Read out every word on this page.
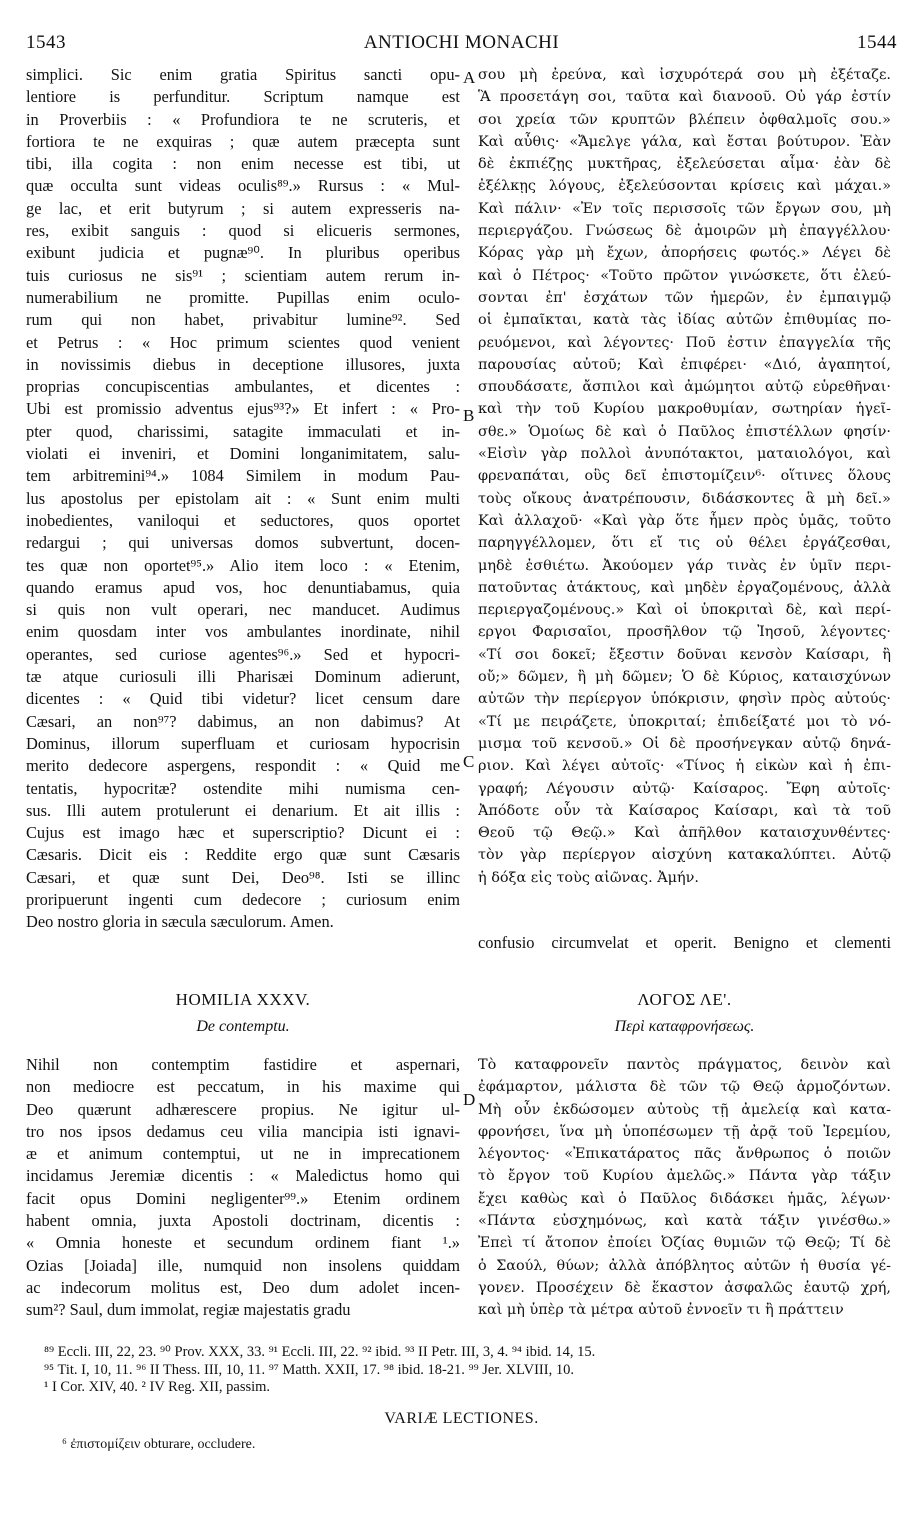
1543	ANTIOCHI MONACHI	1544
simplici. Sic enim gratia Spiritus sancti opu-
lentiore is perfunditur. Scriptum namque est
in Proverbiis : « Profundiora te ne scruteris, et
fortiora te ne exquiras ; quæ autem præcepta sunt
tibi, illa cogita : non enim necesse est tibi, ut
quæ occulta sunt videas oculis⁸⁹.» Rursus : « Mul-
ge lac, et erit butyrum ; si autem expresseris na-
res, exibit sanguis : quod si elicueris sermones,
exibunt judicia et pugnæ⁹⁰. In pluribus operibus
tuis curiosus ne sis⁹¹ ; scientiam autem rerum in-
numerabilium ne promitte. Pupillas enim oculo-
rum qui non habet, privabitur lumine⁹². Sed
et Petrus : « Hoc primum scientes quod venient
in novissimis diebus in deceptione illusores, juxta
proprias concupiscentias ambulantes, et dicentes :
Ubi est promissio adventus ejus⁹³?» Et infert : « Pro-
pter quod, charissimi, satagite immaculati et in-
violati ei inveniri, et Domini longanimitatem, salu-
tem arbitremini⁹⁴.» 1084 Similem in modum Pau-
lus apostolus per epistolam ait : « Sunt enim multi
inobedientes, vaniloqui et seductores, quos oportet
redargui ; qui universas domos subvertunt, docen-
tes quæ non oportet⁹⁵.» Alio item loco : « Etenim,
quando eramus apud vos, hoc denuntiabamus, quia
si quis non vult operari, nec manducet. Audimus
enim quosdam inter vos ambulantes inordinate, nihil
operantes, sed curiose agentes⁹⁶.» Sed et hypocri-
tæ atque curiosuli illi Pharisæi Dominum adierunt,
dicentes : « Quid tibi videtur? licet censum dare
Cæsari, an non⁹⁷? dabimus, an non dabimus? At
Dominus, illorum superfluam et curiosam hypocrisin
merito dedecore aspergens, respondit : « Quid me
tentatis, hypocritæ? ostendite mihi numisma cen-
sus. Illi autem protulerunt ei denarium. Et ait illis :
Cujus est imago hæc et superscriptio? Dicunt ei :
Cæsaris. Dicit eis : Reddite ergo quæ sunt Cæsaris
Cæsari, et quæ sunt Dei, Deo⁹⁸. Isti se illinc
proripuerunt ingenti cum dedecore ; curiosum enim
Deo nostro gloria in sæcula sæculorum. Amen.
σου μὴ ἐρεύνα, καὶ ἰσχυρότερά σου μὴ ἐξέταζε.
Ἃ προσετάγη σοι, ταῦτα καὶ διανοοῦ. Οὐ γάρ ἐστίν
σοι χρεία τῶν κρυπτῶν βλέπειν ὀφθαλμοῖς σου.»
Καὶ αὖθις· «Ἄμελγε γάλα, καὶ ἔσται βούτυρον. Ἐὰν
δὲ ἐκπιέζῃς μυκτῆρας, ἐξελεύσεται αἷμα· ἐὰν δὲ
ἐξέλκῃς λόγους, ἐξελεύσονται κρίσεις καὶ μάχαι.»
Καὶ πάλιν· «Ἐν τοῖς περισσοῖς τῶν ἔργων σου, μὴ
περιεργάζου. Γνώσεως δὲ ἀμοιρῶν μὴ ἐπαγγέλλου·
Κόρας γὰρ μὴ ἔχων, ἀπορήσεις φωτός.» Λέγει δὲ
καὶ ὁ Πέτρος· «Τοῦτο πρῶτον γινώσκετε, ὅτι ἐλεύ-
σονται ἐπ' ἐσχάτων τῶν ἡμερῶν, ἐν ἐμπαιγμῷ
οἱ ἐμπαῖκται, κατὰ τὰς ἰδίας αὐτῶν ἐπιθυμίας πο-
ρευόμενοι, καὶ λέγοντες· Ποῦ ἐστιν ἐπαγγελία τῆς
παρουσίας αὐτοῦ; Καὶ ἐπιφέρει· «Διό, ἀγαπητοί,
σπουδάσατε, ἄσπιλοι καὶ ἀμώμητοι αὐτῷ εὑρεθῆναι·
καὶ τὴν τοῦ Κυρίου μακροθυμίαν, σωτηρίαν ἡγεῖ-
σθε.» Ὁμοίως δὲ καὶ ὁ Παῦλος ἐπιστέλλων φησίν·
«Εἰσὶν γὰρ πολλοὶ ἀνυπότακτοι, ματαιολόγοι, καὶ
φρεναπάται, οὓς δεῖ ἐπιστομίζειν⁶· οἵτινες ὅλους
τοὺς οἴκους ἀνατρέπουσιν, διδάσκοντες ἃ μὴ δεῖ.»
Καὶ ἀλλαχοῦ· «Καὶ γὰρ ὅτε ἦμεν πρὸς ὑμᾶς, τοῦτο
παρηγγέλλομεν, ὅτι εἴ τις οὐ θέλει ἐργάζεσθαι,
μηδὲ ἐσθιέτω. Ἀκούομεν γάρ τινὰς ἐν ὑμῖν περι-
πατοῦντας ἀτάκτους, καὶ μηδὲν ἐργαζομένους, ἀλλὰ
περιεργαζομένους.» Καὶ οἱ ὑποκριταὶ δὲ, καὶ περί-
εργοι Φαρισαῖοι, προσῆλθον τῷ Ἰησοῦ, λέγοντες·
«Τί σοι δοκεῖ; ἔξεστιν δοῦναι κενσὸν Καίσαρι, ἢ
οὔ;» δῶμεν, ἢ μὴ δῶμεν; Ὁ δὲ Κύριος, καταισχύνων
αὐτῶν τὴν περίεργον ὑπόκρισιν, φησὶν πρὸς αὐτούς·
«Τί με πειράζετε, ὑποκριταί; ἐπιδείξατέ μοι τὸ νό-
μισμα τοῦ κενσοῦ.» Οἱ δὲ προσήνεγκαν αὐτῷ δηνά-
ριον. Καὶ λέγει αὐτοῖς· «Τίνος ἡ εἰκὼν καὶ ἡ ἐπι-
γραφή; Λέγουσιν αὐτῷ· Καίσαρος. Ἔφη αὐτοῖς·
Ἀπόδοτε οὖν τὰ Καίσαρος Καίσαρι, καὶ τὰ τοῦ
Θεοῦ τῷ Θεῷ.» Καὶ ἀπῆλθον καταισχυνθέντες·
τὸν γὰρ περίεργον αἰσχύνη κατακαλύπτει. Αὐτῷ
ἡ δόξα εἰς τοὺς αἰῶνας. Ἀμήν.
A
B
C
D
confusio circumvelat et operit. Benigno et clementi
HOMILIA XXXV.
De contemptu.
ΛΟΓΟΣ ΛΕ'.
Περὶ καταφρονήσεως.
Nihil non contemptim fastidire et aspernari,
non mediocre est peccatum, in his maxime qui
Deo quærunt adhærescere propius. Ne igitur ul-
tro nos ipsos dedamus ceu vilia mancipia isti ignavi-
æ et animum contemptui, ut ne in imprecationem
incidamus Jeremiæ dicentis : « Maledictus homo qui
facit opus Domini negligenter⁹⁹.» Etenim ordinem
habent omnia, juxta Apostoli doctrinam, dicentis :
« Omnia honeste et secundum ordinem fiant ¹.»
Ozias [Joiada] ille, numquid non insolens quiddam
ac indecorum molitus est, Deo dum adolet incen-
sum²? Saul, dum immolat, regiæ majestatis gradu
Τὸ καταφρονεῖν παντὸς πράγματος, δεινὸν καὶ
ἐφάμαρτον, μάλιστα δὲ τῶν τῷ Θεῷ ἁρμοζόντων.
Μὴ οὖν ἐκδώσομεν αὐτοὺς τῇ ἀμελείᾳ καὶ κατα-
φρονήσει, ἵνα μὴ ὑποπέσωμεν τῇ ἀρᾷ τοῦ Ἰερεμίου,
λέγοντος· «Ἐπικατάρατος πᾶς ἄνθρωπος ὁ ποιῶν
τὸ ἔργον τοῦ Κυρίου ἀμελῶς.» Πάντα γὰρ τάξιν
ἔχει καθὼς καὶ ὁ Παῦλος διδάσκει ἡμᾶς, λέγων·
«Πάντα εὐσχημόνως, καὶ κατὰ τάξιν γινέσθω.»
Ἐπεὶ τί ἄτοπον ἐποίει Ὀζίας θυμιῶν τῷ Θεῷ; Τί δὲ
ὁ Σαούλ, θύων; ἀλλὰ ἀπόβλητος αὐτῶν ἡ θυσία γέ-
γονεν. Προσέχειν δὲ ἕκαστον ἀσφαλῶς ἑαυτῷ χρή,
καὶ μὴ ὑπὲρ τὰ μέτρα αὐτοῦ ἐννοεῖν τι ἢ πράττειν
⁸⁹ Eccli. III, 22, 23. ⁹⁰ Prov. XXX, 33. ⁹¹ Eccli. III, 22. ⁹² ibid. ⁹³ II Petr. III, 3, 4. ⁹⁴ ibid. 14, 15.
⁹⁵ Tit. I, 10, 11. ⁹⁶ II Thess. III, 10, 11. ⁹⁷ Matth. XXII, 17. ⁹⁸ ibid. 18-21. ⁹⁹ Jer. XLVIII, 10.
¹ I Cor. XIV, 40. ² IV Reg. XII, passim.
VARIÆ LECTIONES.
⁶ ἐπιστομίζειν obturare, occludere.
